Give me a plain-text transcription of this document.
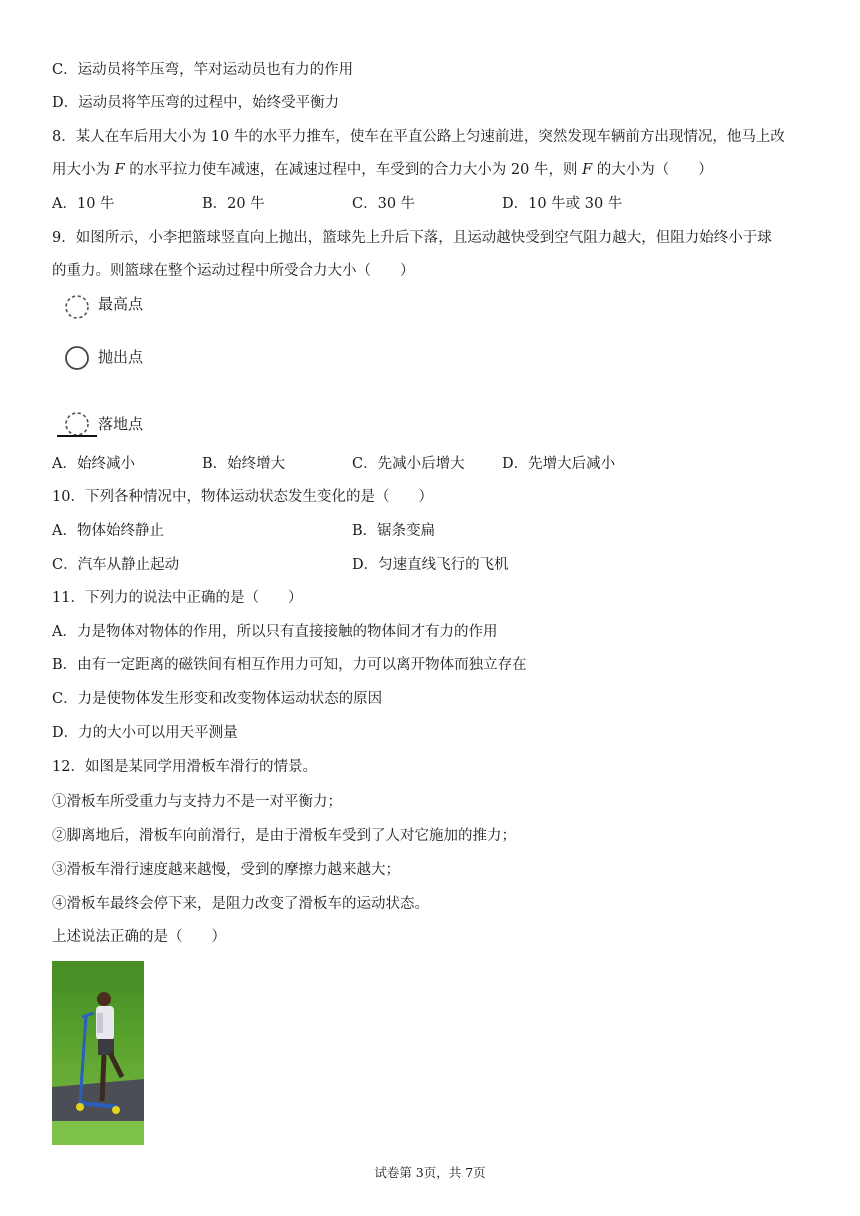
C．运动员将竿压弯，竿对运动员也有力的作用
D．运动员将竿压弯的过程中，始终受平衡力
8．某人在车后用大小为 10 牛的水平力推车，使车在平直公路上匀速前进，突然发现车辆前方出现情况，他马上改
用大小为 F 的水平拉力使车减速，在减速过程中，车受到的合力大小为 20 牛，则 F 的大小为（　　）
A．10 牛	B．20 牛	C．30 牛	D．10 牛或 30 牛
9．如图所示，小李把篮球竖直向上抛出，篮球先上升后下落，且运动越快受到空气阻力越大，但阻力始终小于球
的重力。则篮球在整个运动过程中所受合力大小（　　）
最高点
抛出点
落地点
A．始终减小	B．始终增大	C．先减小后增大	D．先增大后减小
10．下列各种情况中，物体运动状态发生变化的是（　　）
A．物体始终静止	B．锯条变扁
C．汽车从静止起动	D．匀速直线飞行的飞机
11．下列力的说法中正确的是（　　）
A．力是物体对物体的作用，所以只有直接接触的物体间才有力的作用
B．由有一定距离的磁铁间有相互作用力可知，力可以离开物体而独立存在
C．力是使物体发生形变和改变物体运动状态的原因
D．力的大小可以用天平测量
12．如图是某同学用滑板车滑行的情景。
①滑板车所受重力与支持力不是一对平衡力；
②脚离地后，滑板车向前滑行，是由于滑板车受到了人对它施加的推力；
③滑板车滑行速度越来越慢，受到的摩擦力越来越大；
④滑板车最终会停下来，是阻力改变了滑板车的运动状态。
上述说法正确的是（　　）
试卷第 3页，共 7页
